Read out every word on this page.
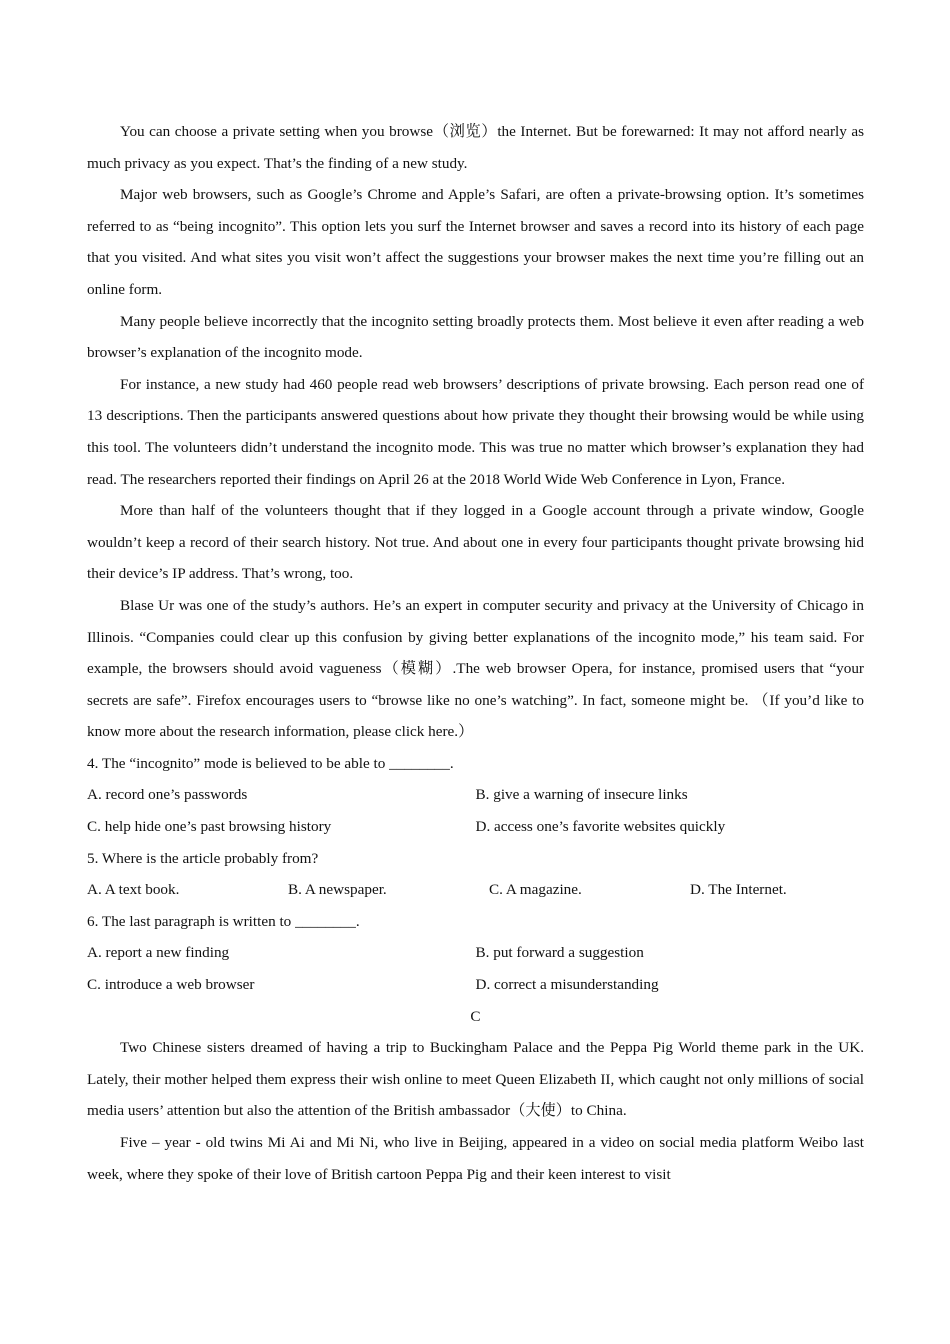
You can choose a private setting when you browse（浏览）the Internet. But be forewarned: It may not afford nearly as much privacy as you expect. That’s the finding of a new study.

Major web browsers, such as Google’s Chrome and Apple’s Safari, are often a private-browsing option. It’s sometimes referred to as “being incognito”. This option lets you surf the Internet browser and saves a record into its history of each page that you visited. And what sites you visit won’t affect the suggestions your browser makes the next time you’re filling out an online form.

Many people believe incorrectly that the incognito setting broadly protects them. Most believe it even after reading a web browser’s explanation of the incognito mode.

For instance, a new study had 460 people read web browsers’ descriptions of private browsing. Each person read one of 13 descriptions. Then the participants answered questions about how private they thought their browsing would be while using this tool. The volunteers didn’t understand the incognito mode. This was true no matter which browser’s explanation they had read. The researchers reported their findings on April 26 at the 2018 World Wide Web Conference in Lyon, France.

More than half of the volunteers thought that if they logged in a Google account through a private window, Google wouldn’t keep a record of their search history. Not true. And about one in every four participants thought private browsing hid their device’s IP address. That’s wrong, too.

Blase Ur was one of the study’s authors. He’s an expert in computer security and privacy at the University of Chicago in Illinois. “Companies could clear up this confusion by giving better explanations of the incognito mode,” his team said. For example, the browsers should avoid vagueness（模糊）.The web browser Opera, for instance, promised users that “your secrets are safe”. Firefox encourages users to “browse like no one’s watching”. In fact, someone might be. （If you’d like to know more about the research information, please click here.）

4. The “incognito” mode is believed to be able to ________.
A. record one’s passwords	B. give a warning of insecure links
C. help hide one’s past browsing history	D. access one’s favorite websites quickly
5. Where is the article probably from?
A. A text book.	B. A newspaper.	C. A magazine.	D. The Internet.
6. The last paragraph is written to ________.
A. report a new finding	B. put forward a suggestion
C. introduce a web browser	D. correct a misunderstanding
C

Two Chinese sisters dreamed of having a trip to Buckingham Palace and the Peppa Pig World theme park in the UK. Lately, their mother helped them express their wish online to meet Queen Elizabeth II, which caught not only millions of social media users’ attention but also the attention of the British ambassador（大使）to China.

Five – year - old twins Mi Ai and Mi Ni, who live in Beijing, appeared in a video on social media platform Weibo last week, where they spoke of their love of British cartoon Peppa Pig and their keen interest to visit
